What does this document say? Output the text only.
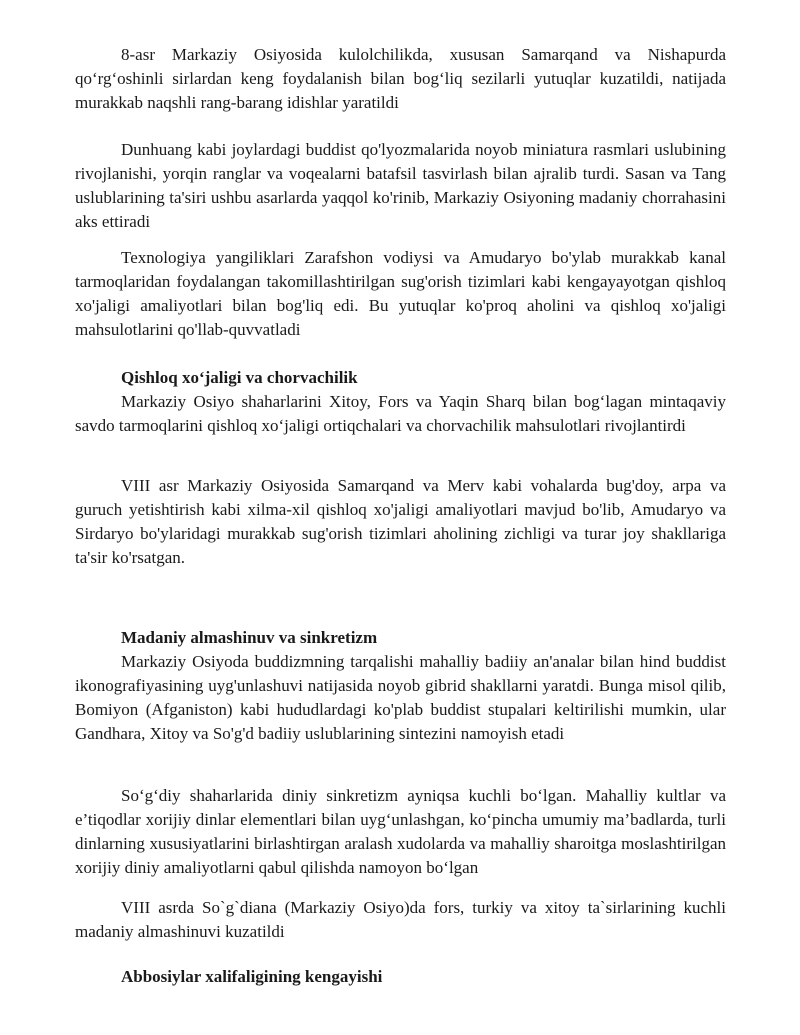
8-asr Markaziy Osiyosida kulolchilikda, xususan Samarqand va Nishapurda qo‘rg‘oshinli sirlardan keng foydalanish bilan bog‘liq sezilarli yutuqlar kuzatildi, natijada murakkab naqshli rang-barang idishlar yaratildi

Dunhuang kabi joylardagi buddist qo'lyozmalarida noyob miniatura rasmlari uslubining rivojlanishi, yorqin ranglar va voqealarni batafsil tasvirlash bilan ajralib turdi. Sasan va Tang uslublarining ta'siri ushbu asarlarda yaqqol ko'rinib, Markaziy Osiyoning madaniy chorrahasini aks ettiradi

Texnologiya yangiliklari Zarafshon vodiysi va Amudaryo bo'ylab murakkab kanal tarmoqlaridan foydalangan takomillashtirilgan sug'orish tizimlari kabi kengayayotgan qishloq xo'jaligi amaliyotlari bilan bog'liq edi. Bu yutuqlar ko'proq aholini va qishloq xo'jaligi mahsulotlarini qo'llab-quvvatladi

Qishloq xo‘jaligi va chorvachilik

Markaziy Osiyo shaharlarini Xitoy, Fors va Yaqin Sharq bilan bog‘lagan mintaqaviy savdo tarmoqlarini qishloq xo‘jaligi ortiqchalari va chorvachilik mahsulotlari rivojlantirdi

VIII asr Markaziy Osiyosida Samarqand va Merv kabi vohalarda bug'doy, arpa va guruch yetishtirish kabi xilma-xil qishloq xo'jaligi amaliyotlari mavjud bo'lib, Amudaryo va Sirdaryo bo'ylaridagi murakkab sug'orish tizimlari aholining zichligi va turar joy shakllariga ta'sir ko'rsatgan.

Madaniy almashinuv va sinkretizm

Markaziy Osiyoda buddizmning tarqalishi mahalliy badiiy an'analar bilan hind buddist ikonografiyasining uyg'unlashuvi natijasida noyob gibrid shakllarni yaratdi. Bunga misol qilib, Bomiyon (Afganiston) kabi hududlardagi ko'plab buddist stupalari keltirilishi mumkin, ular Gandhara, Xitoy va So'g'd badiiy uslublarining sintezini namoyish etadi

So‘g‘diy shaharlarida diniy sinkretizm ayniqsa kuchli bo‘lgan. Mahalliy kultlar va e’tiqodlar xorijiy dinlar elementlari bilan uyg‘unlashgan, ko‘pincha umumiy ma’badlarda, turli dinlarning xususiyatlarini birlashtirgan aralash xudolarda va mahalliy sharoitga moslashtirilgan xorijiy diniy amaliyotlarni qabul qilishda namoyon bo‘lgan

VIII asrda So`g`diana (Markaziy Osiyo)da fors, turkiy va xitoy ta`sirlarining kuchli madaniy almashinuvi kuzatildi

Abbosiylar xalifaligining kengayishi
